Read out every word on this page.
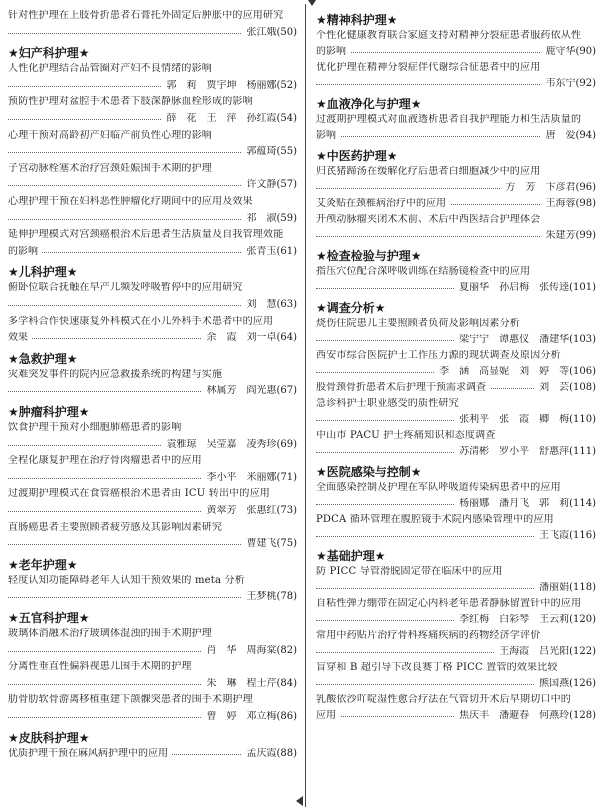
针对性护理在上肢骨折患者石膏托外固定后肿胀中的应用研究
张江娥(50)
★妇产科护理★
人性化护理结合品管圈对产妇不良情绪的影响
郭　莉　贾宇坤　杨丽娜(52)
预防性护理对盆腔手术患者下肢深静脉血栓形成的影响
薛　花　王　萍　孙红霞(54)
心理干预对高龄初产妇临产前负性心理的影响
郭蕴琦(55)
子宫动脉栓塞术治疗宫颈妊娠围手术期的护理
许文静(57)
心理护理干预在妇科恶性肿瘤化疗期间中的应用及效果
祁　淑(59)
延伸护理模式对宫颈癌根治术后患者生活质量及自我管理效能
的影响	张青玉(61)
★儿科护理★
俯卧位联合抚触在早产儿频发呼吸暂停中的应用研究
刘　慧(63)
多学科合作快速康复外科模式在小儿外科手术患者中的应用
效果	余　霞　刘一卓(64)
★急救护理★
灾难突发事件的院内应急救援系统的构建与实施
林属芳　阎光惠(67)
★肿瘤科护理★
饮食护理干预对小细胞肺癌患者的影响
袁雅琼　吴莹嘉　凌秀珍(69)
全程化康复护理在治疗骨肉瘤患者中的应用
李小平　米丽娜(71)
过渡期护理模式在食管癌根治术患者由 ICU 转出中的应用
黄翠芳　张惠红(73)
直肠癌患者主要照顾者疲劳感及其影响因素研究
曹建飞(75)
★老年护理★
轻度认知功能障碍老年人认知干预效果的 meta 分析
王梦桃(78)
★五官科护理★
玻璃体消融术治疗玻璃体混浊的围手术期护理
肖　华　周海棠(82)
分离性垂直性偏斜视患儿围手术期的护理
朱　琳　程士芹(84)
肋骨肋软骨游离移植重建下颌髁突患者的围手术期护理
曾　婷　邓立梅(86)
★皮肤科护理★
优质护理干预在麻风病护理中的应用	孟庆霞(88)
★精神科护理★
个性化健康教育联合家庭支持对精神分裂症患者服药依从性
的影响	鹿守华(90)
优化护理在精神分裂症伴代谢综合征患者中的应用
韦东宁(92)
★血液净化与护理★
过渡期护理模式对血液透析患者自我护理能力和生活质量的
影响	唐　爱(94)
★中医药护理★
归芪猪蹄汤在缓解化疗后患者白细胞减少中的应用
方　芳　卞彦君(96)
艾灸贴在颈椎病治疗中的应用	王海蓉(98)
开颅动脉瘤夹闭术术前、术后中西医结合护理体会
朱建芳(99)
★检查检验与护理★
指压穴位配合深呼吸训练在结肠镜检查中的应用
夏丽华　孙启梅　张传逵(101)
★调查分析★
烧伤住院患儿主要照顾者负荷及影响因素分析
梁宁宁　谭惠仪　潘建华(103)
西安市综合医院护士工作压力源的现状调查及原因分析
李　涵　高显妮　刘　婷　等(106)
股骨颈骨折患者术后护理干预需求调查	刘　芸(108)
急诊科护士职业感受的质性研究
张利平　张　霞　卿　梅(110)
中山市 PACU 护士疼痛知识和态度调查
苏清彬　罗小平　舒惠萍(111)
★医院感染与控制★
全面感染控制及护理在军队呼吸道传染病患者中的应用
杨丽娜　潘月飞　郭　莉(114)
PDCA 循环管理在腹腔镜手术院内感染管理中的应用
王飞霞(116)
★基础护理★
防 PICC 导管滑脱固定带在临床中的应用
潘丽娟(118)
自粘性弹力绷带在固定心内科老年患者静脉留置针中的应用
李红梅　白彩琴　王云莉(120)
常用中药贴片治疗骨科疼痛疾病的药物经济学评价
王海霞　吕光阳(122)
盲穿和 B 超引导下改良赛丁格 PICC 置管的效果比较
熊国燕(126)
乳酸依沙吖啶湿性愈合疗法在气管切开术后早期切口中的
应用	焦庆丰　潘避春　何燕玲(128)
